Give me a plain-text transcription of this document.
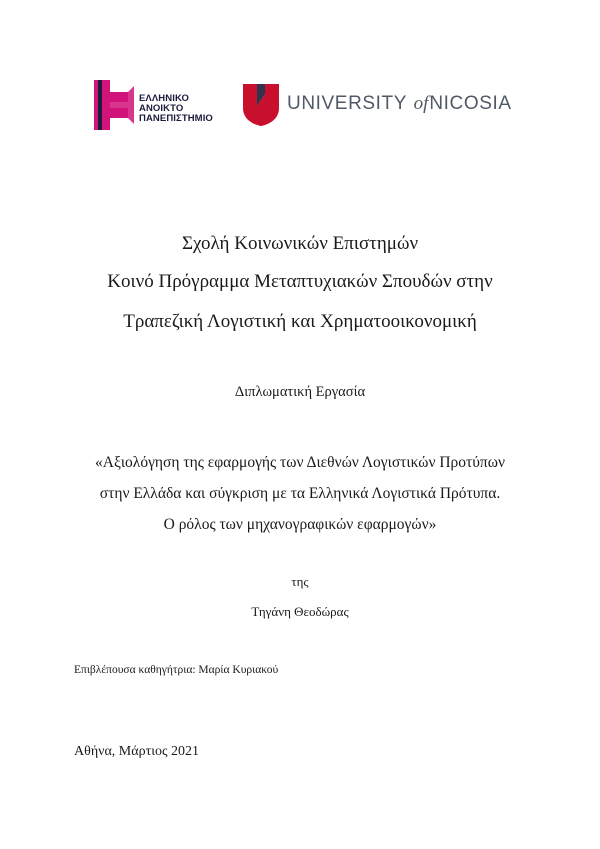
ΕΛΛΗΝΙΚΟ
ΑΝΟΙΚΤΟ
ΠΑΝΕΠΙΣΤΗΜΙΟ
UNIVERSITY ofNICOSIA
Σχολή Κοινωνικών Επιστημών
Κοινό Πρόγραμμα Μεταπτυχιακών Σπουδών στην
Τραπεζική Λογιστική και Χρηματοοικονομική
Διπλωματική Εργασία
«Αξιολόγηση της εφαρμογής των Διεθνών Λογιστικών Προτύπων
στην Ελλάδα και σύγκριση με τα Ελληνικά Λογιστικά Πρότυπα.
Ο ρόλος των μηχανογραφικών εφαρμογών»
της
Τηγάνη Θεοδώρας
Επιβλέπουσα καθηγήτρια: Μαρία Κυριακού
Αθήνα, Μάρτιος 2021
